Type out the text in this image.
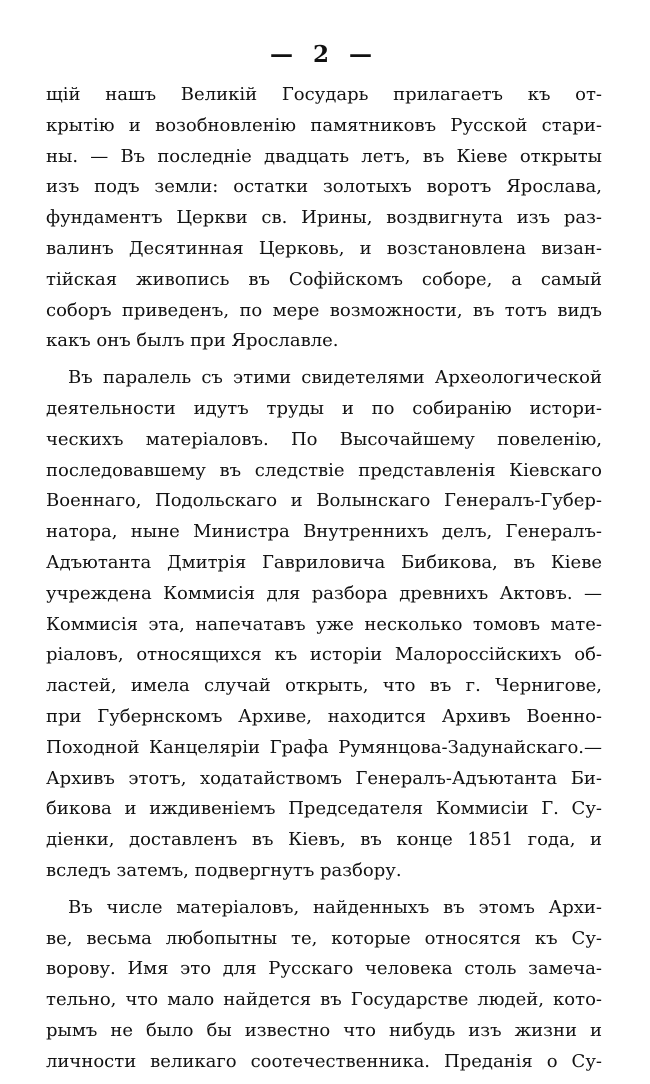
— 2 —
щій нашъ Великій Государь прилагаетъ къ от-
крытію и возобновленію памятниковъ Русской стари-
ны. — Въ последніе двадцать летъ, въ Кіеве открыты
изъ подъ земли: остатки золотыхъ воротъ Ярослава,
фундаментъ Церкви св. Ирины, воздвигнута изъ раз-
валинъ Десятинная Церковь, и возстановлена визан-
тійская живопись въ Софійскомъ соборе, а самый
соборъ приведенъ, по мере возможности, въ тотъ видъ
какъ онъ былъ при Ярославле.
Въ паралель съ этими свидетелями Археологической
деятельности идутъ труды и по собиранію истори-
ческихъ матеріаловъ. По Высочайшему повеленію,
последовавшему въ следствіе представленія Кіевскаго
Военнаго, Подольскаго и Волынскаго Генералъ-Губер-
натора, ныне Министра Внутреннихъ делъ, Генералъ-
Адъютанта Дмитрія Гавриловича Бибикова, въ Кіеве
учреждена Коммисія для разбора древнихъ Актовъ. —
Коммисія эта, напечатавъ уже несколько томовъ мате-
ріаловъ, относящихся къ исторіи Малороссійскихъ об-
ластей, имела случай открыть, что въ г. Чернигове,
при Губернскомъ Архиве, находится Архивъ Военно-
Походной Канцеляріи Графа Румянцова-Задунайскаго.—
Архивъ этотъ, ходатайствомъ Генералъ-Адъютанта Би-
бикова и иждивеніемъ Председателя Коммисіи Г. Су-
діенки, доставленъ въ Кіевъ, въ конце 1851 года, и
вследъ затемъ, подвергнутъ разбору.
Въ числе матеріаловъ, найденныхъ въ этомъ Архи-
ве, весьма любопытны те, которые относятся къ Су-
ворову. Имя это для Русскаго человека столь замеча-
тельно, что мало найдется въ Государстве людей, кото-
рымъ не было бы известно что нибудь изъ жизни и
личности великаго соотечественника. Преданія о Су-
